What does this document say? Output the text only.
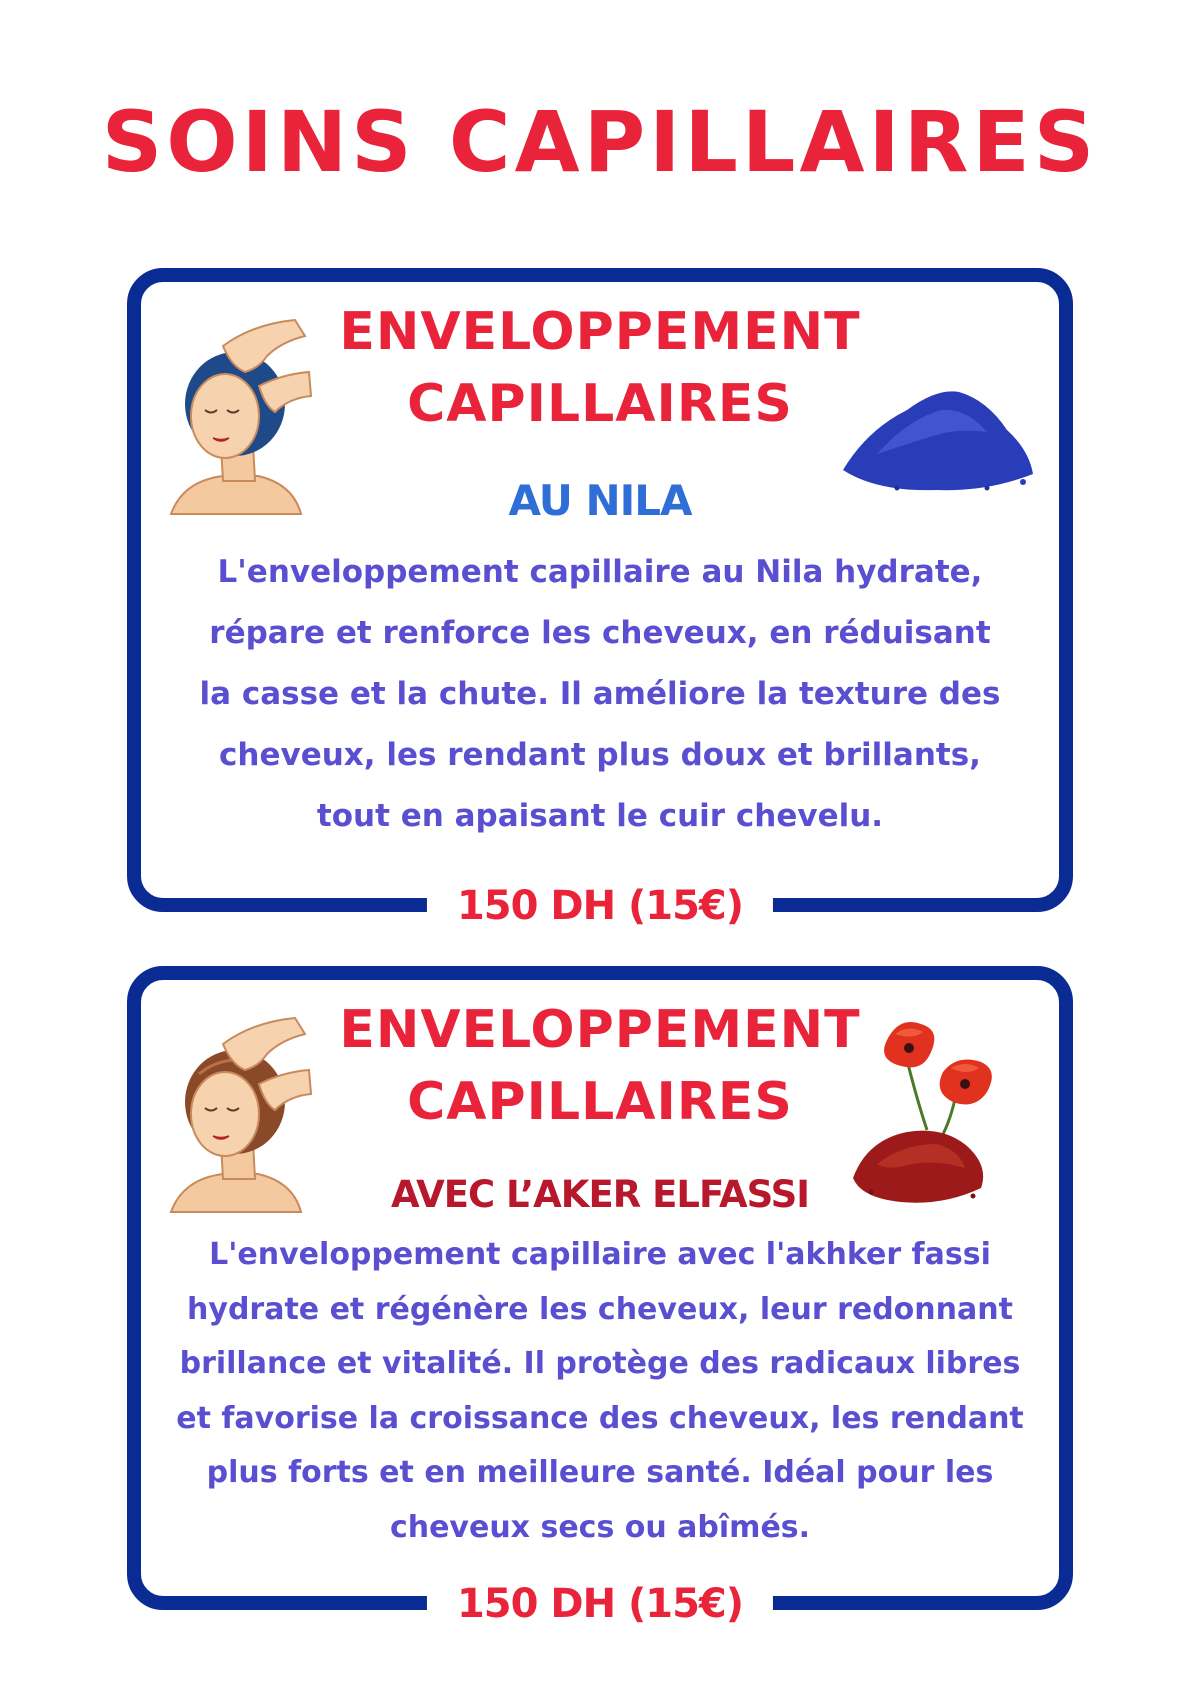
SOINS CAPILLAIRES
ENVELOPPEMENT
CAPILLAIRES
AU NILA
L'enveloppement capillaire au Nila hydrate,
répare et renforce les cheveux, en réduisant
la casse et la chute. Il améliore la texture des
cheveux, les rendant plus doux et brillants,
tout en apaisant le cuir chevelu.
150 DH (15€)
ENVELOPPEMENT
CAPILLAIRES
AVEC L’AKER ELFASSI
L'enveloppement capillaire avec l'akhker fassi
hydrate et régénère les cheveux, leur redonnant
brillance et vitalité. Il protège des radicaux libres
et favorise la croissance des cheveux, les rendant
plus forts et en meilleure santé. Idéal pour les
cheveux secs ou abîmés.
150 DH (15€)
